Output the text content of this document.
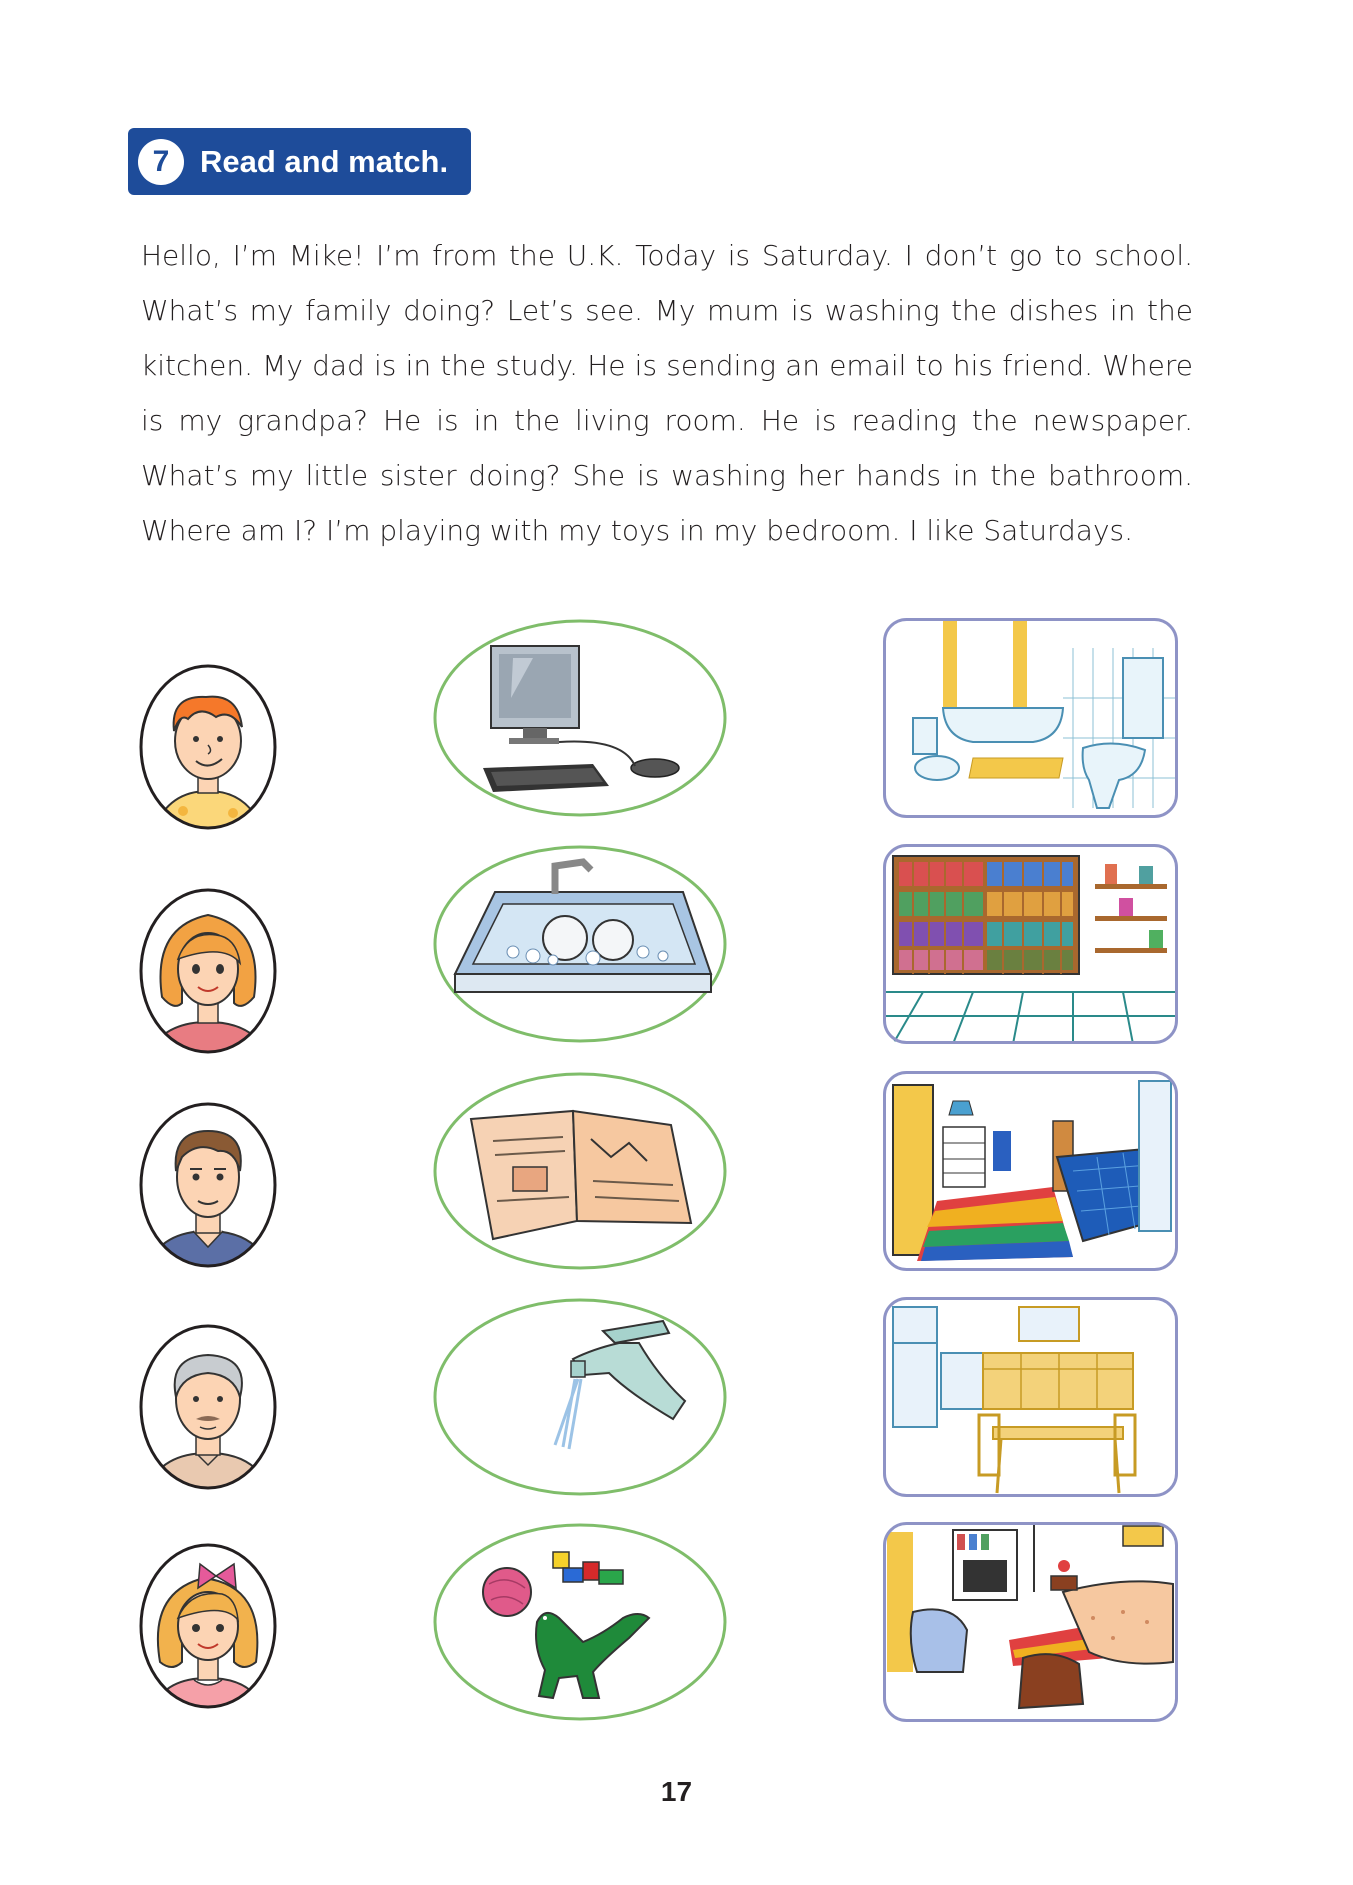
7 Read and match.
Hello, I’m Mike! I’m from the U.K. Today is Saturday. I don’t go to school. What’s my family doing? Let’s see. My mum is washing the dishes in the kitchen. My dad is in the study. He is sending an email to his friend. Where is my grandpa? He is in the living room. He is reading the newspaper. What’s my little sister doing? She is washing her hands in the bathroom. Where am I? I’m playing with my toys in my bedroom. I like Saturdays.
17
